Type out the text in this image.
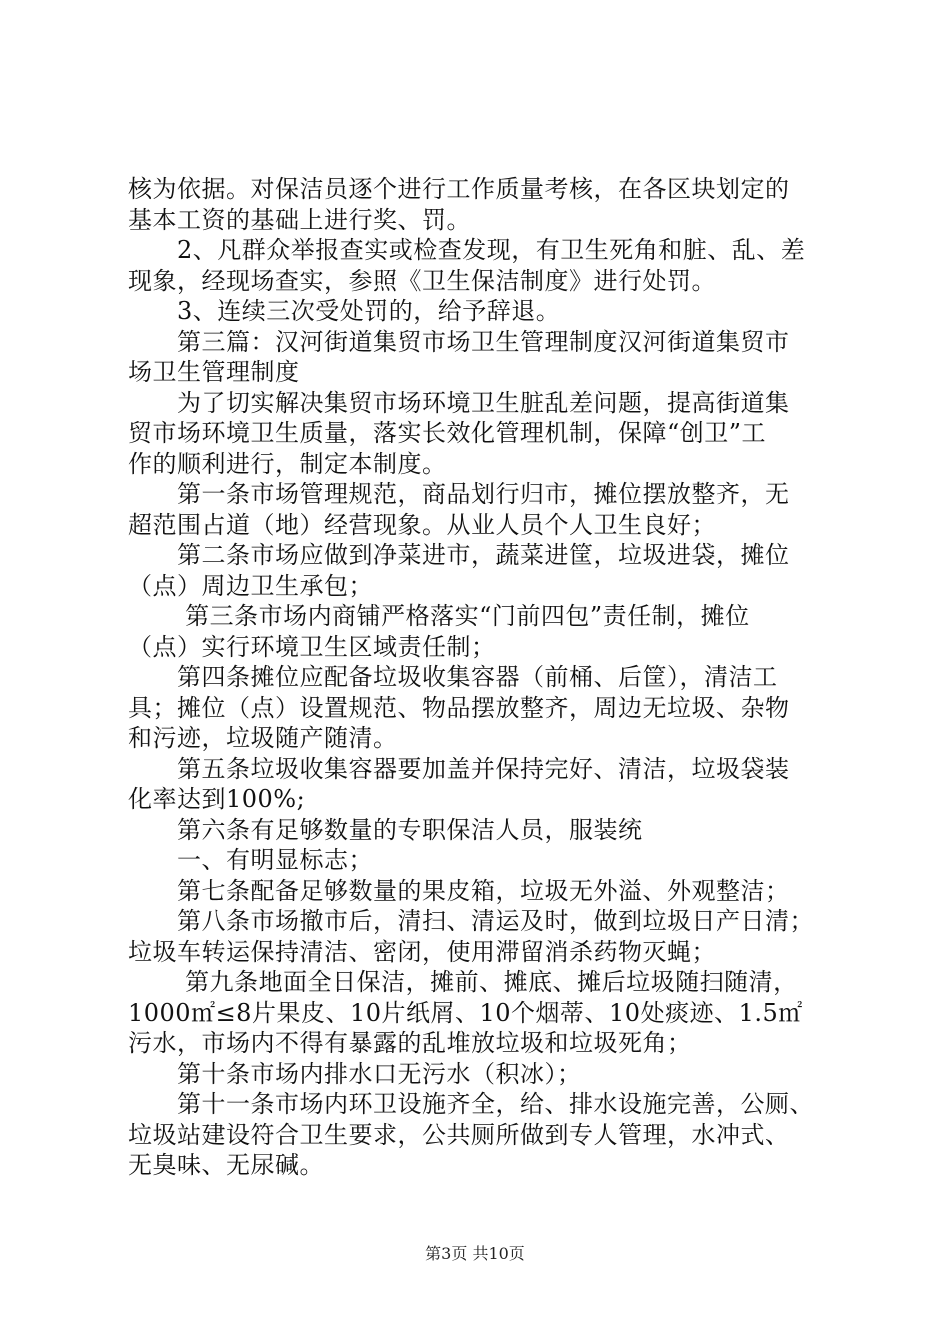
核为依据。对保洁员逐个进行工作质量考核，在各区块划定的
基本工资的基础上进行奖、罚。
　　2、凡群众举报查实或检查发现，有卫生死角和脏、乱、差
现象，经现场查实，参照《卫生保洁制度》进行处罚。
　　3、连续三次受处罚的，给予辞退。
　　第三篇：汉河街道集贸市场卫生管理制度汉河街道集贸市
场卫生管理制度
　　为了切实解决集贸市场环境卫生脏乱差问题，提高街道集
贸市场环境卫生质量，落实长效化管理机制，保障“创卫”工
作的顺利进行，制定本制度。
　　第一条市场管理规范，商品划行归市，摊位摆放整齐，无
超范围占道（地）经营现象。从业人员个人卫生良好；
　　第二条市场应做到净菜进市，蔬菜进筐，垃圾进袋，摊位
（点）周边卫生承包；
　　 第三条市场内商铺严格落实“门前四包”责任制，摊位
（点）实行环境卫生区域责任制；
　　第四条摊位应配备垃圾收集容器（前桶、后筐），清洁工
具；摊位（点）设置规范、物品摆放整齐，周边无垃圾、杂物
和污迹，垃圾随产随清。
　　第五条垃圾收集容器要加盖并保持完好、清洁，垃圾袋装
化率达到100%;
　　第六条有足够数量的专职保洁人员，服装统
　　一、有明显标志；
　　第七条配备足够数量的果皮箱，垃圾无外溢、外观整洁；
　　第八条市场撤市后，清扫、清运及时，做到垃圾日产日清；
垃圾车转运保持清洁、密闭，使用滞留消杀药物灭蝇；
　　 第九条地面全日保洁，摊前、摊底、摊后垃圾随扫随清，
1000㎡≤8片果皮、10片纸屑、10个烟蒂、10处痰迹、1.5㎡
污水，市场内不得有暴露的乱堆放垃圾和垃圾死角；
　　第十条市场内排水口无污水（积冰）；
　　第十一条市场内环卫设施齐全，给、排水设施完善，公厕、
垃圾站建设符合卫生要求，公共厕所做到专人管理，水冲式、
无臭味、无尿碱。
第3页 共10页
